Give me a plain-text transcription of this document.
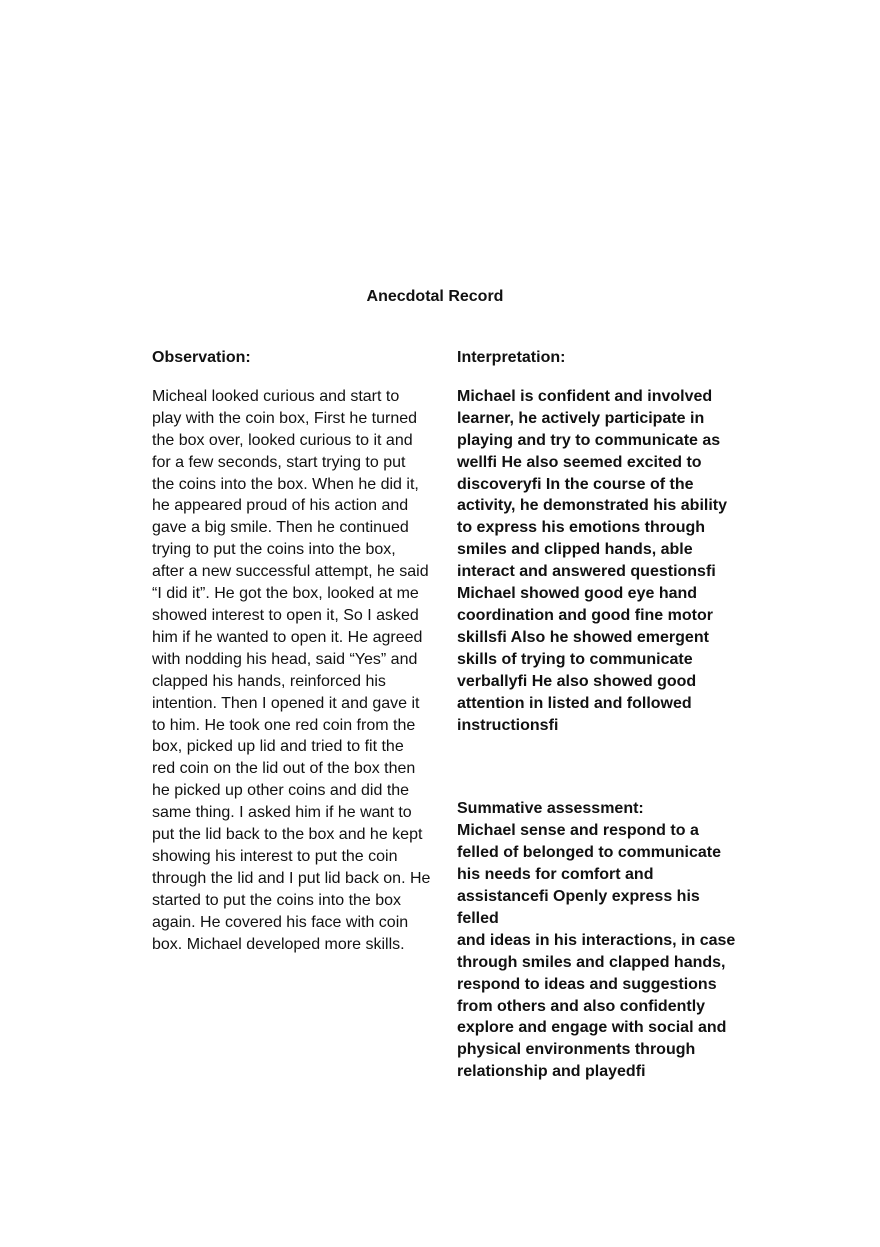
Anecdotal Record

Observation:

Micheal looked curious and start to
play with the coin box, First he turned
the box over, looked curious to it and
for a few seconds, start trying to put
the coins into the box. When he did it,
he appeared proud of his action and
gave a big smile. Then he continued
trying to put the coins into the box,
after a new successful attempt, he said
“I did it”. He got the box, looked at me
showed interest to open it, So I asked
him if he wanted to open it. He agreed
with nodding his head, said “Yes” and
clapped his hands, reinforced his
intention. Then I opened it and gave it
to him. He took one red coin from the
box, picked up lid and tried to fit the
red coin on the lid out of the box then
he picked up other coins and did the
same thing. I asked him if he want to
put the lid back to the box and he kept
showing his interest to put the coin
through the lid and I put lid back on. He
started to put the coins into the box
again. He covered his face with coin
box. Michael developed more skills.

Interpretation:

Michael is confident and involved
learner, he actively participate in
playing and try to communicate as
wellﬁ He also seemed excited to
discoveryﬁ In the course of the
activity, he demonstrated his ability
to express his emotions through
smiles and clipped hands, able
interact and answered questionsﬁ
Michael showed good eye hand
coordination and good fine motor
skillsﬁ Also he showed emergent
skills of trying to communicate
verballyﬁ He also showed good
attention in listed and followed
instructionsﬁ

Summative assessment:

Michael sense and respond to a
felled of belonged to communicate
his needs for comfort and
assistanceﬁ Openly express his felled
and ideas in his interactions, in case
through smiles and clapped hands,
respond to ideas and suggestions
from others and also confidently
explore and engage with social and
physical environments through
relationship and playedﬁ
